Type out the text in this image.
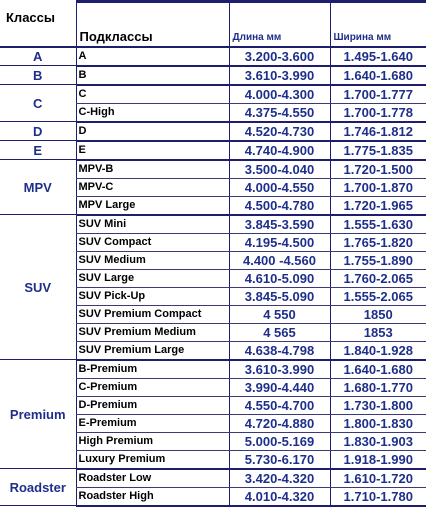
Классы	Подклассы	Длина мм	Ширина мм
A	A	3.200-3.600	1.495-1.640
B	B	3.610-3.990	1.640-1.680
C	C	4.000-4.300	1.700-1.777
	C-High	4.375-4.550	1.700-1.778
D	D	4.520-4.730	1.746-1.812
E	E	4.740-4.900	1.775-1.835
MPV	MPV-B	3.500-4.040	1.720-1.500
	MPV-C	4.000-4.550	1.700-1.870
	MPV Large	4.500-4.780	1.720-1.965
SUV	SUV Mini	3.845-3.590	1.555-1.630
	SUV Compact	4.195-4.500	1.765-1.820
	SUV Medium	4.400 -4.560	1.755-1.890
	SUV Large	4.610-5.090	1.760-2.065
	SUV Pick-Up	3.845-5.090	1.555-2.065
	SUV Premium Compact	4 550	1850
	SUV Premium Medium	4 565	1853
	SUV Premium Large	4.638-4.798	1.840-1.928
Premium	B-Premium	3.610-3.990	1.640-1.680
	C-Premium	3.990-4.440	1.680-1.770
	D-Premium	4.550-4.700	1.730-1.800
	E-Premium	4.720-4.880	1.800-1.830
	High Premium	5.000-5.169	1.830-1.903
	Luxury Premium	5.730-6.170	1.918-1.990
Roadster	Roadster Low	3.420-4.320	1.610-1.720
	Roadster High	4.010-4.320	1.710-1.780
